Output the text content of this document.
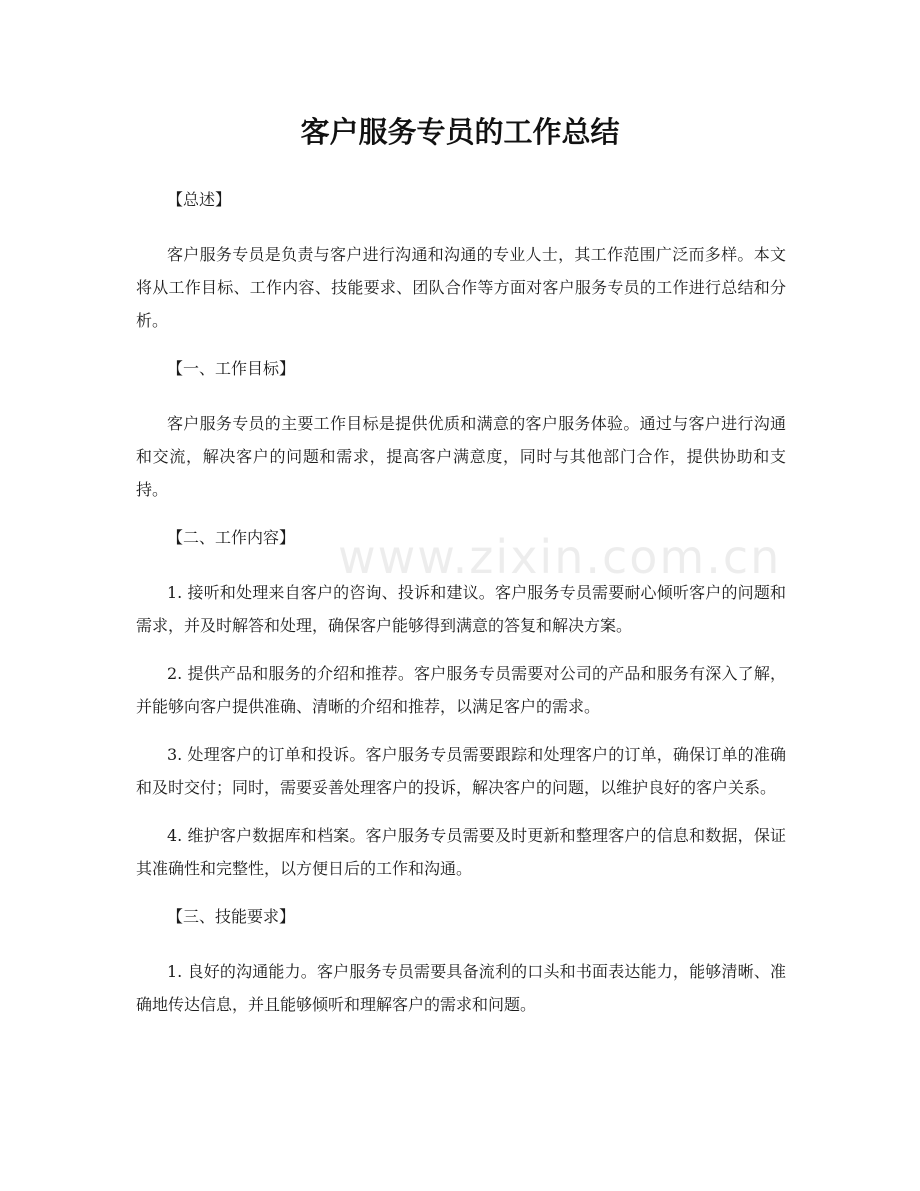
客户服务专员的工作总结
www.zixin.com.cn

【总述】

客户服务专员是负责与客户进行沟通和沟通的专业人士，其工作范围广泛而多样。本文将从工作目标、工作内容、技能要求、团队合作等方面对客户服务专员的工作进行总结和分析。

【一、工作目标】

客户服务专员的主要工作目标是提供优质和满意的客户服务体验。通过与客户进行沟通和交流，解决客户的问题和需求，提高客户满意度，同时与其他部门合作，提供协助和支持。

【二、工作内容】

1. 接听和处理来自客户的咨询、投诉和建议。客户服务专员需要耐心倾听客户的问题和需求，并及时解答和处理，确保客户能够得到满意的答复和解决方案。

2. 提供产品和服务的介绍和推荐。客户服务专员需要对公司的产品和服务有深入了解，并能够向客户提供准确、清晰的介绍和推荐，以满足客户的需求。

3. 处理客户的订单和投诉。客户服务专员需要跟踪和处理客户的订单，确保订单的准确和及时交付；同时，需要妥善处理客户的投诉，解决客户的问题，以维护良好的客户关系。

4. 维护客户数据库和档案。客户服务专员需要及时更新和整理客户的信息和数据，保证其准确性和完整性，以方便日后的工作和沟通。

【三、技能要求】

1. 良好的沟通能力。客户服务专员需要具备流利的口头和书面表达能力，能够清晰、准确地传达信息，并且能够倾听和理解客户的需求和问题。
